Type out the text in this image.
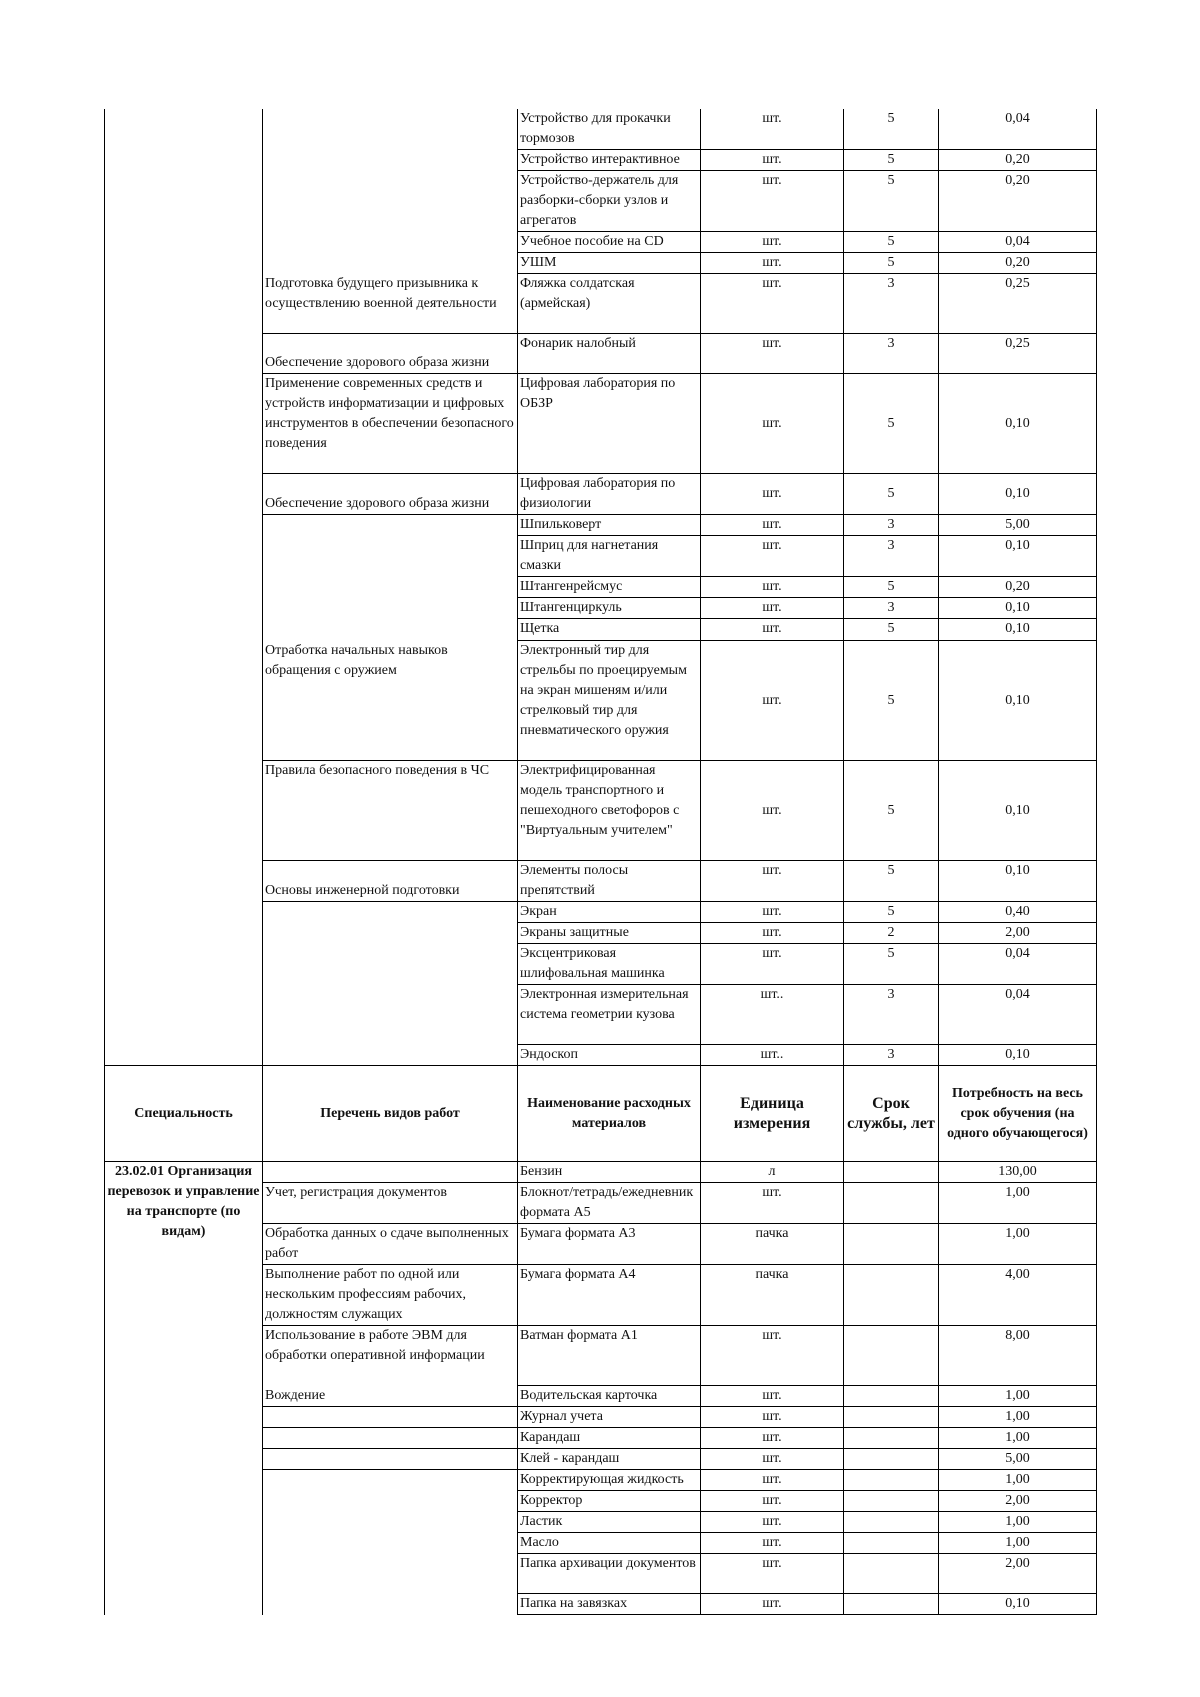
		Устройство для прокачки тормозов	шт.	5	0,04
		Устройство интерактивное	шт.	5	0,20
		Устройство-держатель для разборки-сборки узлов и агрегатов	шт.	5	0,20
		Учебное пособие на CD	шт.	5	0,04
		УШМ	шт.	5	0,20
	Подготовка будущего призывника к осуществлению военной деятельности	Фляжка солдатская (армейская)	шт.	3	0,25
	Обеспечение здорового образа жизни	Фонарик налобный	шт.	3	0,25
	Применение современных средств и устройств информатизации и цифровых инструментов в обеспечении безопасного поведения	Цифровая лаборатория по ОБЗР	шт.	5	0,10
	Обеспечение здорового образа жизни	Цифровая лаборатория по физиологии	шт.	5	0,10
		Шпильковерт	шт.	3	5,00
		Шприц для нагнетания смазки	шт.	3	0,10
		Штангенрейсмус	шт.	5	0,20
		Штангенциркуль	шт.	3	0,10
		Щетка	шт.	5	0,10
	Отработка начальных навыков обращения с оружием	Электронный тир для стрельбы по проецируемым на экран мишеням и/или стрелковый тир для пневматического оружия	шт.	5	0,10
	Правила безопасного поведения в ЧС	Электрифицированная модель транспортного и пешеходного светофоров с "Виртуальным учителем"	шт.	5	0,10
	Основы инженерной подготовки	Элементы полосы препятствий	шт.	5	0,10
		Экран	шт.	5	0,40
		Экраны защитные	шт.	2	2,00
		Эксцентриковая шлифовальная машинка	шт.	5	0,04
		Электронная измерительная система геометрии кузова	шт..	3	0,04
		Эндоскоп	шт..	3	0,10
Специальность	Перечень видов работ	Наименование расходных материалов	Единица измерения	Срок службы, лет	Потребность на весь срок обучения (на одного обучающегося)
23.02.01 Организация перевозок и управление на транспорте (по видам)		Бензин	л		130,00
	Учет, регистрация документов	Блокнот/тетрадь/ежедневник формата А5	шт.		1,00
	Обработка данных о сдаче выполненных работ	Бумага формата А3	пачка		1,00
	Выполнение работ по одной или нескольким профессиям рабочих, должностям служащих	Бумага формата А4	пачка		4,00
	Использование в работе ЭВМ для обработки оперативной информации	Ватман формата А1	шт.		8,00
	Вождение	Водительская карточка	шт.		1,00
		Журнал учета	шт.		1,00
		Карандаш	шт.		1,00
		Клей - карандаш	шт.		5,00
		Корректирующая жидкость	шт.		1,00
		Корректор	шт.		2,00
		Ластик	шт.		1,00
		Масло	шт.		1,00
		Папка архивации документов	шт.		2,00
		Папка на завязках	шт.		0,10
